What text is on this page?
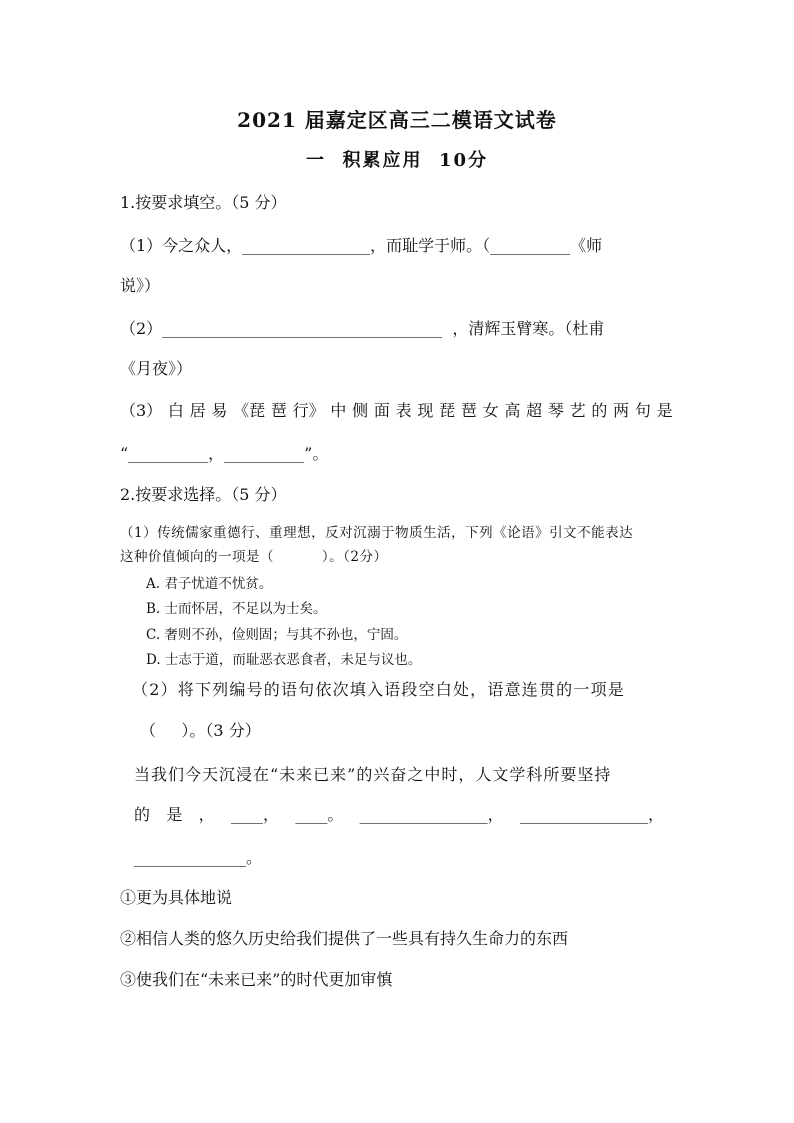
2021 届嘉定区高三二模语文试卷
一  积累应用  10分
1.按要求填空。（5 分）
（1）今之众人，________________，而耻学于师。（__________《师
说》）
（2）___________________________________  ，清辉玉臂寒。（杜甫
《月夜》）
（3） 白 居 易 《琵 琶 行》 中 侧 面 表 现 琵 琶 女 高 超 琴 艺 的 两 句 是
“__________，__________”。
2.按要求选择。（5 分）
（1）传统儒家重德行、重理想，反对沉溺于物质生活，下列《论语》引文不能表达
这种价值倾向的一项是（          ）。（2分）
A. 君子忧道不忧贫。
B. 士而怀居，不足以为士矣。
C. 奢则不孙，俭则固；与其不孙也，宁固。
D. 士志于道，而耻恶衣恶食者，未足与议也。
（2）将下列编号的语句依次填入语段空白处，语意连贯的一项是
（     ）。（3 分）
当我们今天沉浸在“未来已来”的兴奋之中时，人文学科所要坚持
的 是 ， ____， ____。 ________________， ________________，
______________。
①更为具体地说
②相信人类的悠久历史给我们提供了一些具有持久生命力的东西
③使我们在“未来已来”的时代更加审慎
